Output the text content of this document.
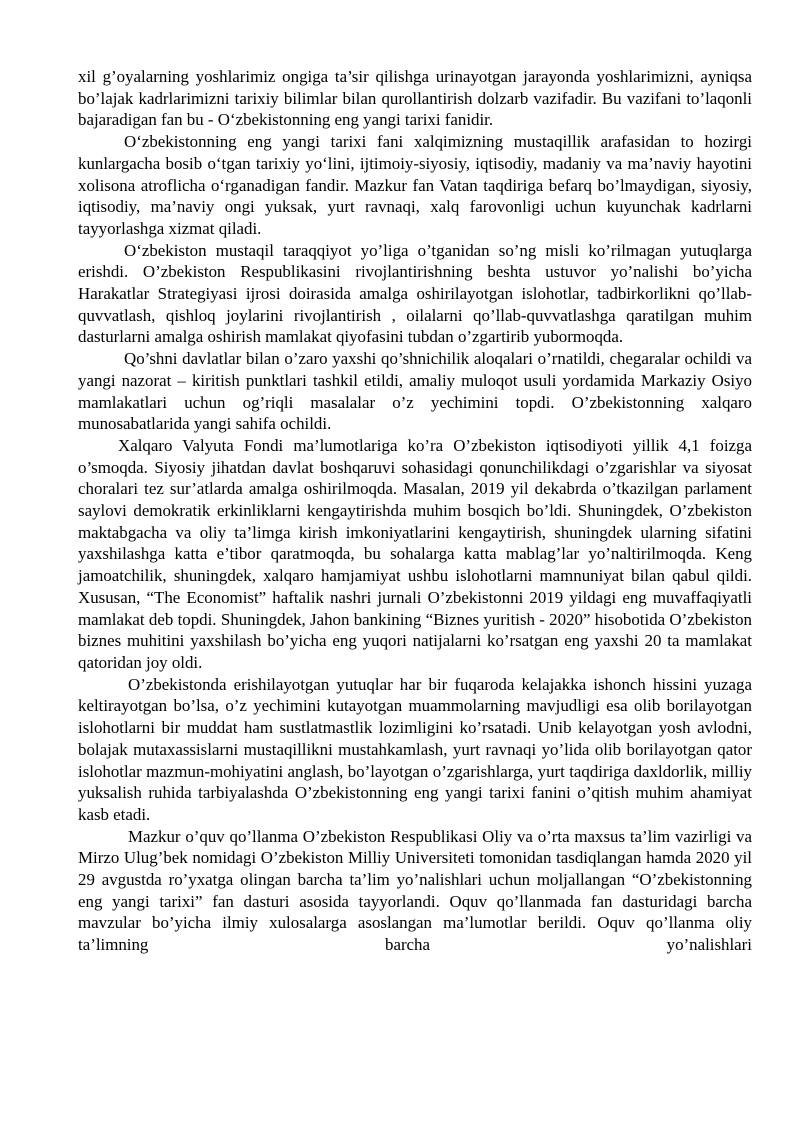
xil g’oyalarning yoshlarimiz ongiga ta’sir qilishga urinayotgan jarayonda yoshlarimizni, ayniqsa bo’lajak kadrlarimizni tarixiy bilimlar bilan qurollantirish dolzarb vazifadir. Bu vazifani to’laqonli bajaradigan fan bu - O‘zbekistonning eng yangi tarixi fanidir.

O‘zbekistonning eng yangi tarixi fani xalqimizning mustaqillik arafasidan to hozirgi kunlargacha bosib o‘tgan tarixiy yo‘lini, ijtimoiy-siyosiy, iqtisodiy, madaniy va ma’naviy hayotini xolisona atroflicha o‘rganadigan fandir. Mazkur fan Vatan taqdiriga befarq bo’lmaydigan, siyosiy, iqtisodiy, ma’naviy ongi yuksak, yurt ravnaqi, xalq farovonligi uchun kuyunchak kadrlarni tayyorlashga xizmat qiladi.

O‘zbekiston mustaqil taraqqiyot yo’liga o’tganidan so’ng misli ko’rilmagan yutuqlarga erishdi. O’zbekiston Respublikasini rivojlantirishning beshta ustuvor yo’nalishi bo’yicha Harakatlar Strategiyasi ijrosi doirasida amalga oshirilayotgan islohotlar, tadbirkorlikni qo’llab-quvvatlash, qishloq joylarini rivojlantirish , oilalarni qo’llab-quvvatlashga qaratilgan muhim dasturlarni amalga oshirish mamlakat qiyofasini tubdan o’zgartirib yubormoqda.

Qo’shni davlatlar bilan o’zaro yaxshi qo’shnichilik aloqalari o’rnatildi, chegaralar ochildi va yangi nazorat – kiritish punktlari tashkil etildi, amaliy muloqot usuli yordamida Markaziy Osiyo mamlakatlari uchun og’riqli masalalar o’z yechimini topdi. O’zbekistonning xalqaro munosabatlarida yangi sahifa ochildi.

Xalqaro Valyuta Fondi ma’lumotlariga ko’ra O’zbekiston iqtisodiyoti yillik 4,1 foizga o’smoqda. Siyosiy jihatdan davlat boshqaruvi sohasidagi qonunchilikdagi o’zgarishlar va siyosat choralari tez sur’atlarda amalga oshirilmoqda. Masalan, 2019 yil dekabrda o’tkazilgan parlament saylovi demokratik erkinliklarni kengaytirishda muhim bosqich bo’ldi. Shuningdek, O’zbekiston maktabgacha va oliy ta’limga kirish imkoniyatlarini kengaytirish, shuningdek ularning sifatini yaxshilashga katta e’tibor qaratmoqda, bu sohalarga katta mablag’lar yo’naltirilmoqda. Keng jamoatchilik, shuningdek, xalqaro hamjamiyat ushbu islohotlarni mamnuniyat bilan qabul qildi. Xususan, “The Economist” haftalik nashri jurnali O’zbekistonni 2019 yildagi eng muvaffaqiyatli mamlakat deb topdi. Shuningdek, Jahon bankining “Biznes yuritish - 2020” hisobotida O’zbekiston biznes muhitini yaxshilash bo’yicha eng yuqori natijalarni ko’rsatgan eng yaxshi 20 ta mamlakat qatoridan joy oldi.

O’zbekistonda erishilayotgan yutuqlar har bir fuqaroda kelajakka ishonch hissini yuzaga keltirayotgan bo’lsa, o’z yechimini kutayotgan muammolarning mavjudligi esa olib borilayotgan islohotlarni bir muddat ham sustlatmastlik lozimligini ko’rsatadi. Unib kelayotgan yosh avlodni, bolajak mutaxassislarni mustaqillikni mustahkamlash, yurt ravnaqi yo’lida olib borilayotgan qator islohotlar mazmun-mohiyatini anglash, bo’layotgan o’zgarishlarga, yurt taqdiriga daxldorlik, milliy yuksalish ruhida tarbiyalashda O’zbekistonning eng yangi tarixi fanini o’qitish muhim ahamiyat kasb etadi.

Mazkur o’quv qo’llanma O’zbekiston Respublikasi Oliy va o’rta maxsus ta’lim vazirligi va Mirzo Ulug’bek nomidagi O’zbekiston Milliy Universiteti tomonidan tasdiqlangan hamda 2020 yil 29 avgustda ro’yxatga olingan barcha ta’lim yo’nalishlari uchun moljallangan “O’zbekistonning eng yangi tarixi” fan dasturi asosida tayyorlandi. Oquv qo’llanmada fan dasturidagi barcha mavzular bo’yicha ilmiy xulosalarga asoslangan ma’lumotlar berildi. Oquv qo’llanma oliy ta’limning barcha yo’nalishlari
